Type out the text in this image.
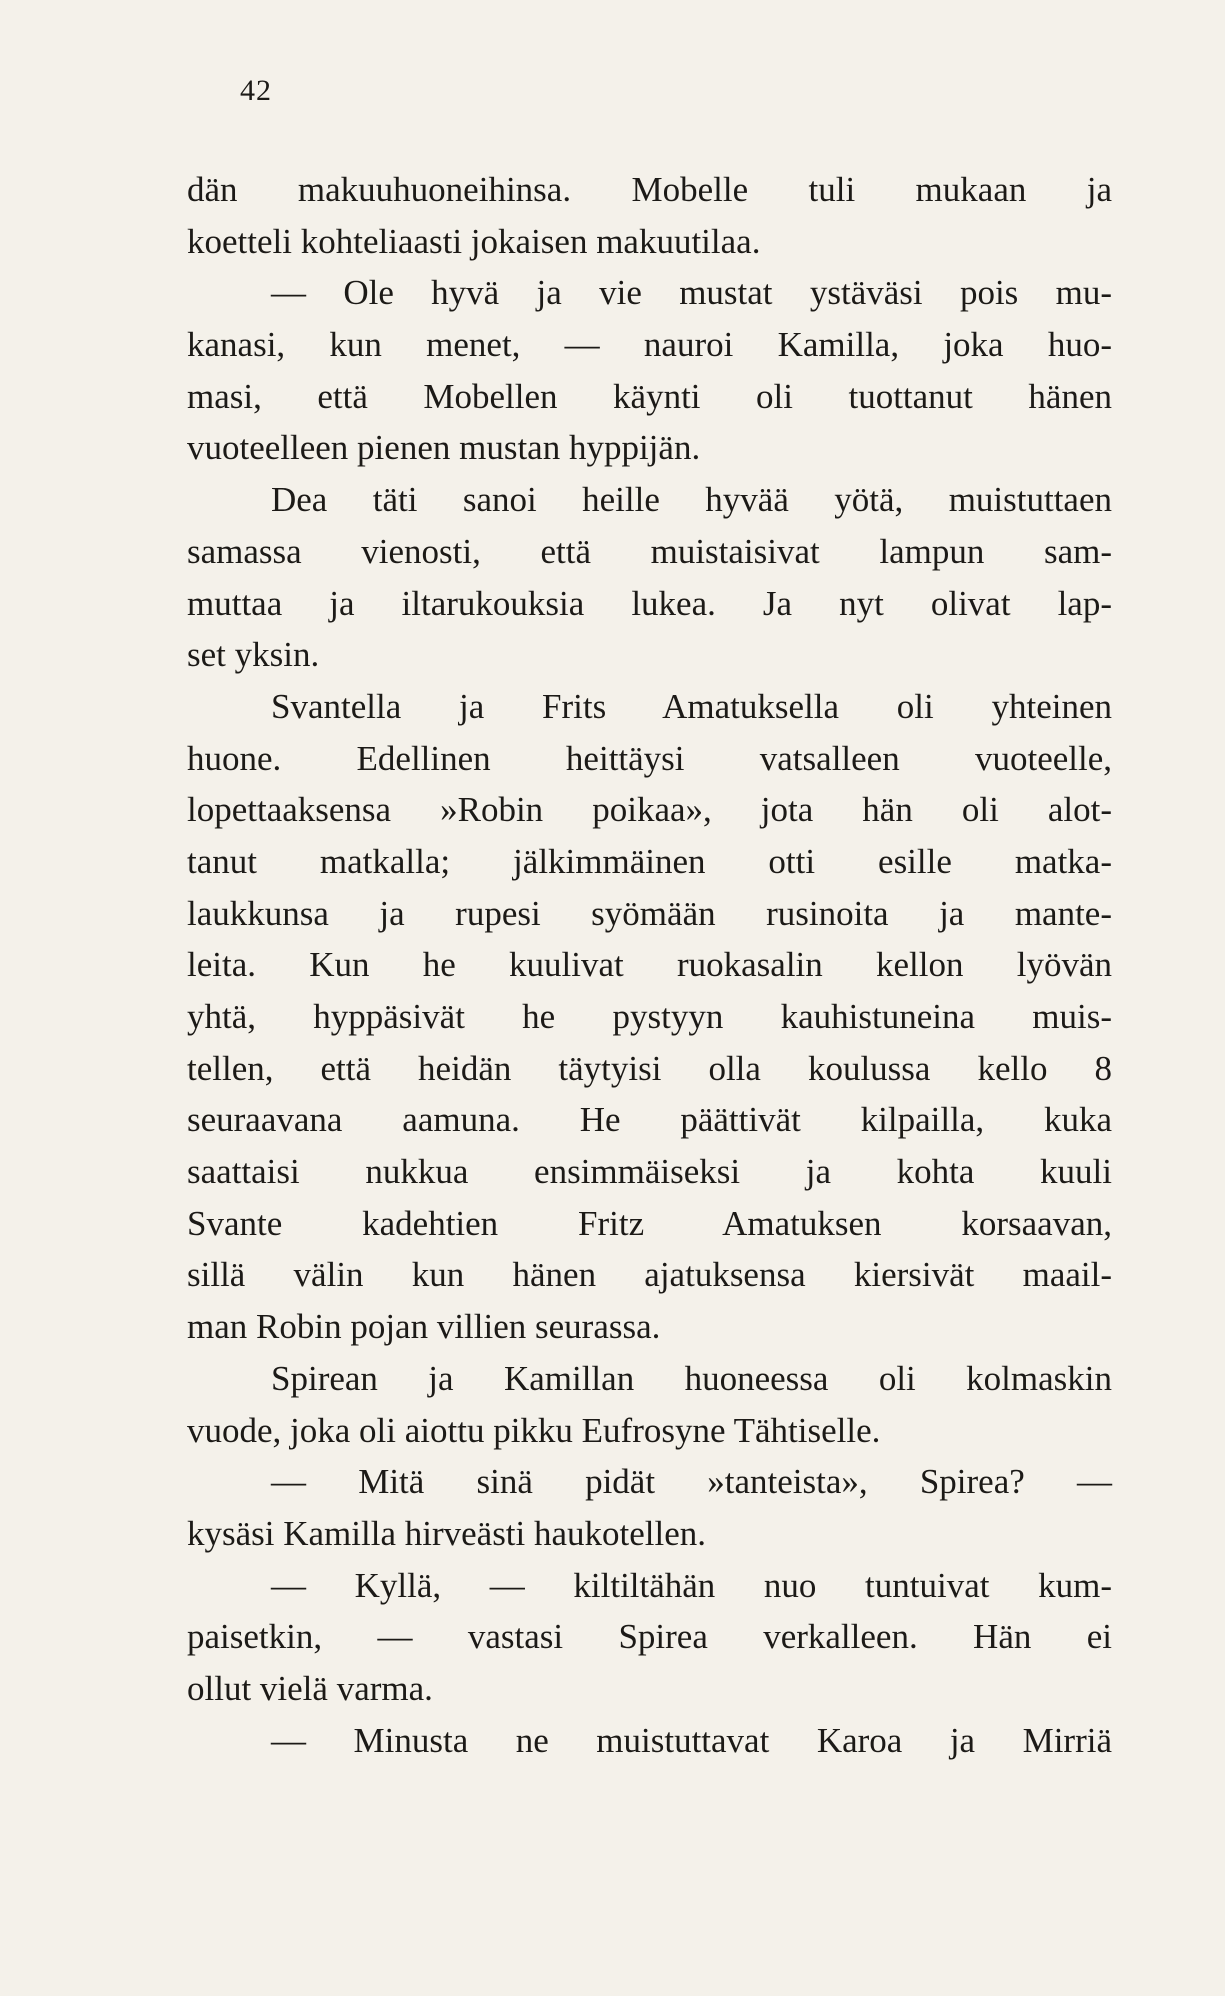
42
dän makuuhuoneihinsa. Mobelle tuli mukaan ja
koetteli kohteliaasti jokaisen makuutilaa.
— Ole hyvä ja vie mustat ystäväsi pois mu-
kanasi, kun menet, — nauroi Kamilla, joka huo-
masi, että Mobellen käynti oli tuottanut hänen
vuoteelleen pienen mustan hyppijän.
Dea täti sanoi heille hyvää yötä, muistuttaen
samassa vienosti, että muistaisivat lampun sam-
muttaa ja iltarukouksia lukea. Ja nyt olivat lap-
set yksin.
Svantella ja Frits Amatuksella oli yhteinen
huone. Edellinen heittäysi vatsalleen vuoteelle,
lopettaaksensa »Robin poikaa», jota hän oli alot-
tanut matkalla; jälkimmäinen otti esille matka-
laukkunsa ja rupesi syömään rusinoita ja mante-
leita. Kun he kuulivat ruokasalin kellon lyövän
yhtä, hyppäsivät he pystyyn kauhistuneina muis-
tellen, että heidän täytyisi olla koulussa kello 8
seuraavana aamuna. He päättivät kilpailla, kuka
saattaisi nukkua ensimmäiseksi ja kohta kuuli
Svante kadehtien Fritz Amatuksen korsaavan,
sillä välin kun hänen ajatuksensa kiersivät maail-
man Robin pojan villien seurassa.
Spirean ja Kamillan huoneessa oli kolmaskin
vuode, joka oli aiottu pikku Eufrosyne Tähtiselle.
— Mitä sinä pidät »tanteista», Spirea? —
kysäsi Kamilla hirveästi haukotellen.
— Kyllä, — kiltiltähän nuo tuntuivat kum-
paisetkin, — vastasi Spirea verkalleen. Hän ei
ollut vielä varma.
— Minusta ne muistuttavat Karoa ja Mirriä
